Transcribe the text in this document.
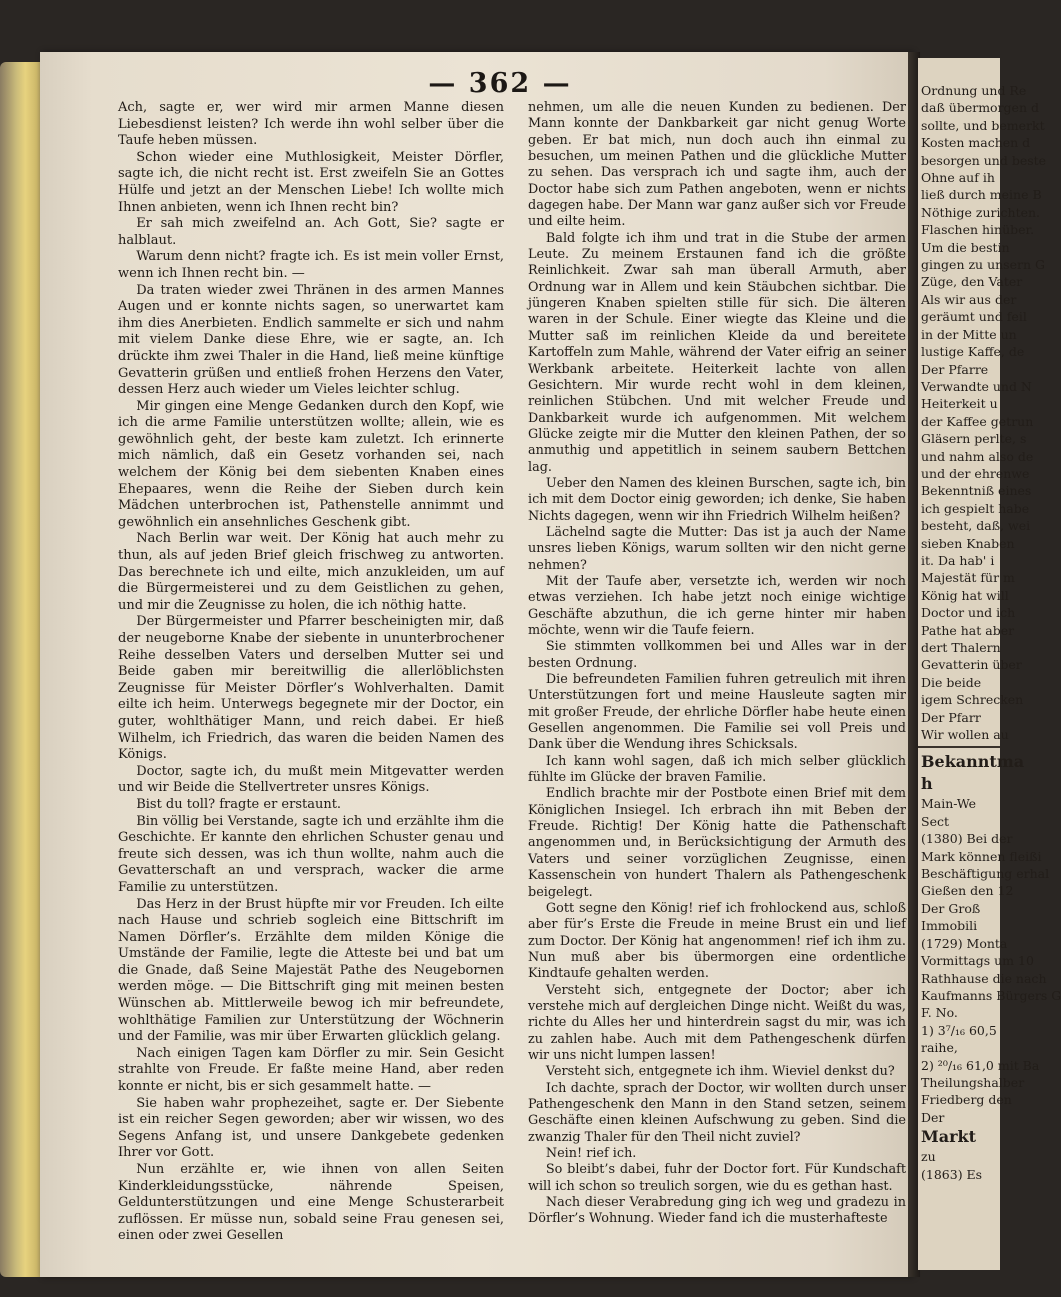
Ordnung und Re
daß übermorgen d
sollte, und bemerkt
Kosten machen d
besorgen und beste
Ohne auf ih
ließ durch meine B
Nöthige zurichten.
Flaschen hinüber.
Um die bestin
gingen zu unsern G
Züge, den Vater
Als wir aus der
geräumt und feil
in der Mitte un
lustige Kaffe, de
Der Pfarre
Verwandte und N
Heiterkeit u
der Kaffee getrun
Gläsern perlte, s
und nahm also de
und der ehrenwe
Bekenntniß eines
ich gespielt habe
besteht, daß, wei
sieben Knaben
it. Da hab' i
Majestät für m
König hat will
Doctor und ich
Pathe hat aber
dert Thalern
Gevatterin über
Die beide
igem Schrecken
Der Pfarr
Wir wollen au
Bekanntma
h
Main-We
Sect
(1380) Bei der
Mark können fleißi
Beschäftigung erhal
Gießen den 12
Der Groß
Immobili
(1729) Monta
Vormittags um 10
Rathhause die nach
Kaufmanns Bürgers G
F. No.
1) 3⁷/₁₆ 60,5
raihe,
2) ²⁰/₁₆ 61,0 mit Ba
Theilungshalber
Friedberg den
Der
Markt
zu
(1863) Es
— 362 —

Ach, sagte er, wer wird mir armen Manne diesen Liebesdienst leisten? Ich werde ihn wohl selber über die Taufe heben müssen.

Schon wieder eine Muthlosigkeit, Meister Dörfler, sagte ich, die nicht recht ist. Erst zweifeln Sie an Gottes Hülfe und jetzt an der Menschen Liebe! Ich wollte mich Ihnen anbieten, wenn ich Ihnen recht bin?

Er sah mich zweifelnd an. Ach Gott, Sie? sagte er halblaut.

Warum denn nicht? fragte ich. Es ist mein voller Ernst, wenn ich Ihnen recht bin. —

Da traten wieder zwei Thränen in des armen Mannes Augen und er konnte nichts sagen, so unerwartet kam ihm dies Anerbieten. Endlich sammelte er sich und nahm mit vielem Danke diese Ehre, wie er sagte, an. Ich drückte ihm zwei Thaler in die Hand, ließ meine künftige Gevatterin grüßen und entließ frohen Herzens den Vater, dessen Herz auch wieder um Vieles leichter schlug.

Mir gingen eine Menge Gedanken durch den Kopf, wie ich die arme Familie unterstützen wollte; allein, wie es gewöhnlich geht, der beste kam zuletzt. Ich erinnerte mich nämlich, daß ein Gesetz vorhanden sei, nach welchem der König bei dem siebenten Knaben eines Ehepaares, wenn die Reihe der Sieben durch kein Mädchen unterbrochen ist, Pathenstelle annimmt und gewöhnlich ein ansehnliches Geschenk gibt.

Nach Berlin war weit. Der König hat auch mehr zu thun, als auf jeden Brief gleich frischweg zu antworten. Das berechnete ich und eilte, mich anzukleiden, um auf die Bürgermeisterei und zu dem Geistlichen zu gehen, und mir die Zeugnisse zu holen, die ich nöthig hatte.

Der Bürgermeister und Pfarrer bescheinigten mir, daß der neugeborne Knabe der siebente in ununterbrochener Reihe desselben Vaters und derselben Mutter sei und Beide gaben mir bereitwillig die allerlöblichsten Zeugnisse für Meister Dörfler’s Wohlverhalten. Damit eilte ich heim. Unterwegs begegnete mir der Doctor, ein guter, wohlthätiger Mann, und reich dabei. Er hieß Wilhelm, ich Friedrich, das waren die beiden Namen des Königs.

Doctor, sagte ich, du mußt mein Mitgevatter werden und wir Beide die Stellvertreter unsres Königs.

Bist du toll? fragte er erstaunt.

Bin völlig bei Verstande, sagte ich und erzählte ihm die Geschichte. Er kannte den ehrlichen Schuster genau und freute sich dessen, was ich thun wollte, nahm auch die Gevatterschaft an und versprach, wacker die arme Familie zu unterstützen.

Das Herz in der Brust hüpfte mir vor Freuden. Ich eilte nach Hause und schrieb sogleich eine Bittschrift im Namen Dörfler’s. Erzählte dem milden Könige die Umstände der Familie, legte die Atteste bei und bat um die Gnade, daß Seine Majestät Pathe des Neugebornen werden möge. — Die Bittschrift ging mit meinen besten Wünschen ab. Mittlerweile bewog ich mir befreundete, wohlthätige Familien zur Unterstützung der Wöchnerin und der Familie, was mir über Erwarten glücklich gelang.

Nach einigen Tagen kam Dörfler zu mir. Sein Gesicht strahlte von Freude. Er faßte meine Hand, aber reden konnte er nicht, bis er sich gesammelt hatte. —

Sie haben wahr prophezeihet, sagte er. Der Siebente ist ein reicher Segen geworden; aber wir wissen, wo des Segens Anfang ist, und unsere Dankgebete gedenken Ihrer vor Gott.

Nun erzählte er, wie ihnen von allen Seiten Kinderkleidungsstücke, nährende Speisen, Geldunterstützungen und eine Menge Schusterarbeit zuflössen. Er müsse nun, sobald seine Frau genesen sei, einen oder zwei Gesellen

nehmen, um alle die neuen Kunden zu bedienen. Der Mann konnte der Dankbarkeit gar nicht genug Worte geben. Er bat mich, nun doch auch ihn einmal zu besuchen, um meinen Pathen und die glückliche Mutter zu sehen. Das versprach ich und sagte ihm, auch der Doctor habe sich zum Pathen angeboten, wenn er nichts dagegen habe. Der Mann war ganz außer sich vor Freude und eilte heim.

Bald folgte ich ihm und trat in die Stube der armen Leute. Zu meinem Erstaunen fand ich die größte Reinlichkeit. Zwar sah man überall Armuth, aber Ordnung war in Allem und kein Stäubchen sichtbar. Die jüngeren Knaben spielten stille für sich. Die älteren waren in der Schule. Einer wiegte das Kleine und die Mutter saß im reinlichen Kleide da und bereitete Kartoffeln zum Mahle, während der Vater eifrig an seiner Werkbank arbeitete. Heiterkeit lachte von allen Gesichtern. Mir wurde recht wohl in dem kleinen, reinlichen Stübchen. Und mit welcher Freude und Dankbarkeit wurde ich aufgenommen. Mit welchem Glücke zeigte mir die Mutter den kleinen Pathen, der so anmuthig und appetitlich in seinem saubern Bettchen lag.

Ueber den Namen des kleinen Burschen, sagte ich, bin ich mit dem Doctor einig geworden; ich denke, Sie haben Nichts dagegen, wenn wir ihn Friedrich Wilhelm heißen?

Lächelnd sagte die Mutter: Das ist ja auch der Name unsres lieben Königs, warum sollten wir den nicht gerne nehmen?

Mit der Taufe aber, versetzte ich, werden wir noch etwas verziehen. Ich habe jetzt noch einige wichtige Geschäfte abzuthun, die ich gerne hinter mir haben möchte, wenn wir die Taufe feiern.

Sie stimmten vollkommen bei und Alles war in der besten Ordnung.

Die befreundeten Familien fuhren getreulich mit ihren Unterstützungen fort und meine Hausleute sagten mir mit großer Freude, der ehrliche Dörfler habe heute einen Gesellen angenommen. Die Familie sei voll Preis und Dank über die Wendung ihres Schicksals.

Ich kann wohl sagen, daß ich mich selber glücklich fühlte im Glücke der braven Familie.

Endlich brachte mir der Postbote einen Brief mit dem Königlichen Insiegel. Ich erbrach ihn mit Beben der Freude. Richtig! Der König hatte die Pathenschaft angenommen und, in Berücksichtigung der Armuth des Vaters und seiner vorzüglichen Zeugnisse, einen Kassenschein von hundert Thalern als Pathengeschenk beigelegt.

Gott segne den König! rief ich frohlockend aus, schloß aber für’s Erste die Freude in meine Brust ein und lief zum Doctor. Der König hat angenommen! rief ich ihm zu. Nun muß aber bis übermorgen eine ordentliche Kindtaufe gehalten werden.

Versteht sich, entgegnete der Doctor; aber ich verstehe mich auf dergleichen Dinge nicht. Weißt du was, richte du Alles her und hinterdrein sagst du mir, was ich zu zahlen habe. Auch mit dem Pathengeschenk dürfen wir uns nicht lumpen lassen!

Versteht sich, entgegnete ich ihm. Wieviel denkst du?

Ich dachte, sprach der Doctor, wir wollten durch unser Pathengeschenk den Mann in den Stand setzen, seinem Geschäfte einen kleinen Aufschwung zu geben. Sind die zwanzig Thaler für den Theil nicht zuviel?

Nein! rief ich.

So bleibt’s dabei, fuhr der Doctor fort. Für Kundschaft will ich schon so treulich sorgen, wie du es gethan hast.

Nach dieser Verabredung ging ich weg und gradezu in Dörfler’s Wohnung. Wieder fand ich die musterhafteste
